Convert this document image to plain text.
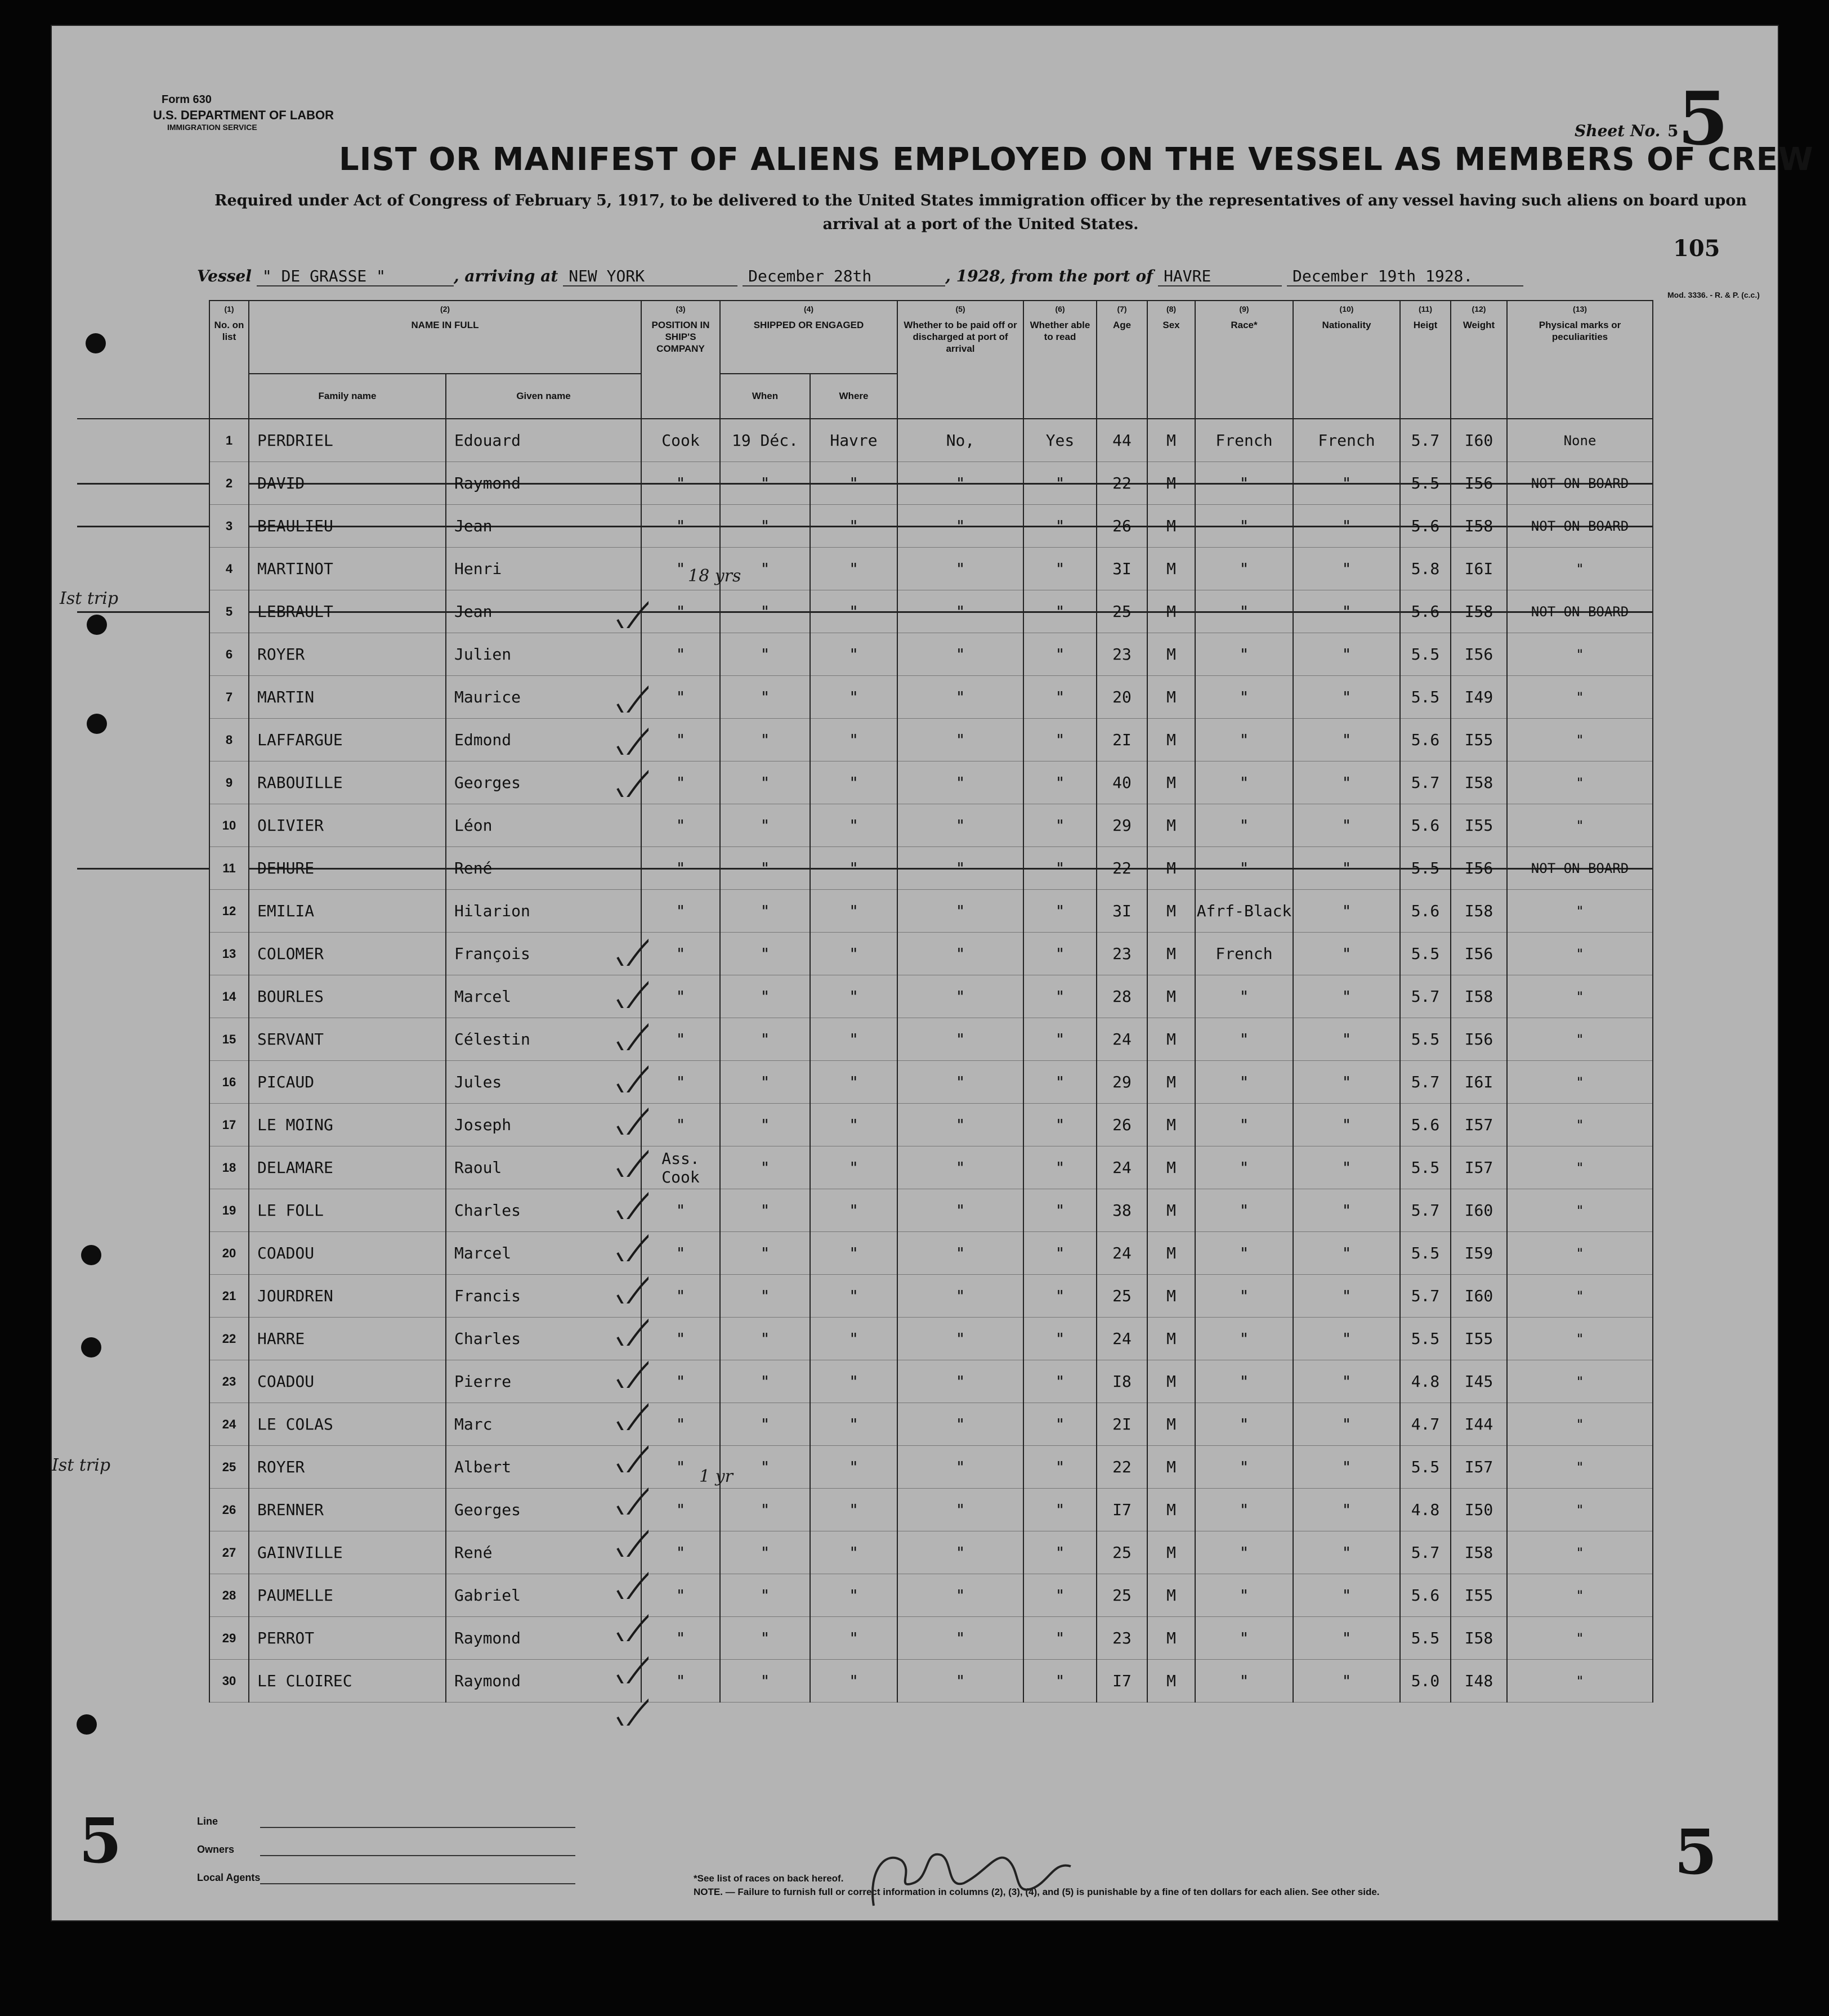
Form 630
U.S. DEPARTMENT OF LABOR
IMMIGRATION SERVICE	Sheet No. 5
5
LIST OR MANIFEST OF ALIENS EMPLOYED ON THE VESSEL AS MEMBERS OF CREW
Required under Act of Congress of February 5, 1917, to be delivered to the United States immigration officer by the representatives of any vessel having such aliens on board upon arrival at a port of the United States.
105
Vessel " DE GRASSE "	, arriving at NEW YORK	December 28th	, 1928, from the port of HAVRE	December 19th 1928.
Mod. 3336. - R. & P. (c.c.)

	(1)
No. on list	(2)
NAME IN FULL		(3)
POSITION IN SHIP'S COMPANY	(4)
SHIPPED OR ENGAGED		(5)
Whether to be paid off or discharged at port of arrival	(6)
Whether able to read	(7)
Age	(8)
Sex	(9)
Race*	(10)
Nationality	(11)
Heigt	(12)
Weight	(13)
Physical marks or peculiarities

		Family name	Given name		When	Where									
	1	PERDRIEL	Edouard	Cook	19 Déc.	Havre	No,	Yes	44	M	French	French	5.7	I60	None
	2	DAVID	Raymond	"	"	"	"	"	22	M	"	"	5.5	I56	NOT ON BOARD
	3	BEAULIEU	Jean	"	"	"	"	"	26	M	"	"	5.6	I58	NOT ON BOARD
	4	MARTINOT	Henri	"	"	"	"	"	3I	M	"	"	5.8	I6I	"
	5	LEBRAULT	Jean	"	"	"	"	"	25	M	"	"	5.6	I58	NOT ON BOARD
	6	ROYER	Julien	"	"	"	"	"	23	M	"	"	5.5	I56	"
	7	MARTIN	Maurice	"	"	"	"	"	20	M	"	"	5.5	I49	"
	8	LAFFARGUE	Edmond	"	"	"	"	"	2I	M	"	"	5.6	I55	"
	9	RABOUILLE	Georges	"	"	"	"	"	40	M	"	"	5.7	I58	"
	10	OLIVIER	Léon	"	"	"	"	"	29	M	"	"	5.6	I55	"
	11	DEHURE	René	"	"	"	"	"	22	M	"	"	5.5	I56	NOT ON BOARD
	12	EMILIA	Hilarion	"	"	"	"	"	3I	M	Afrf-Black	"	5.6	I58	"
	13	COLOMER	François	"	"	"	"	"	23	M	French	"	5.5	I56	"
	14	BOURLES	Marcel	"	"	"	"	"	28	M	"	"	5.7	I58	"
	15	SERVANT	Célestin	"	"	"	"	"	24	M	"	"	5.5	I56	"
	16	PICAUD	Jules	"	"	"	"	"	29	M	"	"	5.7	I6I	"
	17	LE MOING	Joseph	"	"	"	"	"	26	M	"	"	5.6	I57	"
	18	DELAMARE	Raoul	Ass. Cook	"	"	"	"	24	M	"	"	5.5	I57	"
	19	LE FOLL	Charles	"	"	"	"	"	38	M	"	"	5.7	I60	"
	20	COADOU	Marcel	"	"	"	"	"	24	M	"	"	5.5	I59	"
	21	JOURDREN	Francis	"	"	"	"	"	25	M	"	"	5.7	I60	"
	22	HARRE	Charles	"	"	"	"	"	24	M	"	"	5.5	I55	"
	23	COADOU	Pierre	"	"	"	"	"	I8	M	"	"	4.8	I45	"
	24	LE COLAS	Marc	"	"	"	"	"	2I	M	"	"	4.7	I44	"
	25	ROYER	Albert	"	"	"	"	"	22	M	"	"	5.5	I57	"
	26	BRENNER	Georges	"	"	"	"	"	I7	M	"	"	4.8	I50	"
	27	GAINVILLE	René	"	"	"	"	"	25	M	"	"	5.7	I58	"
	28	PAUMELLE	Gabriel	"	"	"	"	"	25	M	"	"	5.6	I55	"
	29	PERROT	Raymond	"	"	"	"	"	23	M	"	"	5.5	I58	"
	30	LE CLOIREC	Raymond	"	"	"	"	"	I7	M	"	"	5.0	I48	"
Ist trip
Ist trip
18 yrs
1 yr
5	5
Line
Owners
Local Agents	*See list of races on back hereof.
NOTE. — Failure to furnish full or correct information in columns (2), (3), (4), and (5) is punishable by a fine of ten dollars for each alien. See other side.
